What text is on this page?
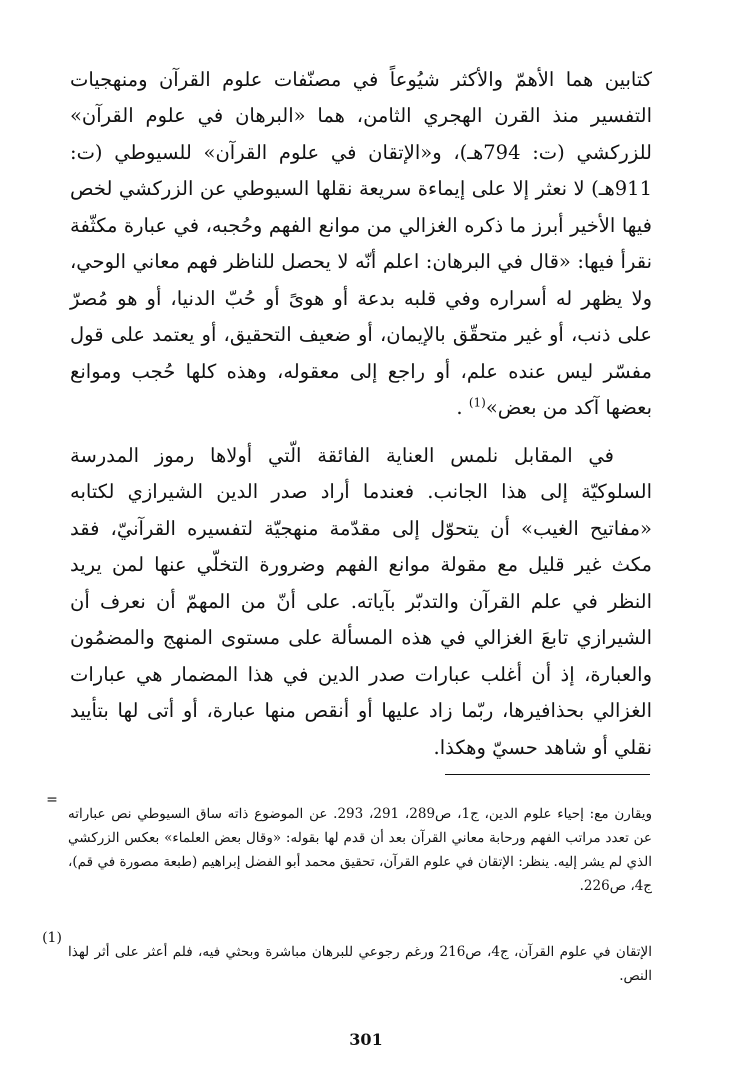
كتابين هما الأهمّ والأكثر شيُوعاً في مصنّفات علوم القرآن ومنهجيات التفسير منذ القرن الهجري الثامن، هما «البرهان في علوم القرآن» للزركشي (ت: 794هـ)، و«الإتقان في علوم القرآن» للسيوطي (ت: 911هـ) لا نعثر إلا على إيماءة سريعة نقلها السيوطي عن الزركشي لخص فيها الأخير أبرز ما ذكره الغزالي من موانع الفهم وحُجبه، في عبارة مكثّفة نقرأ فيها: «قال في البرهان: اعلم أنّه لا يحصل للناظر فهم معاني الوحي، ولا يظهر له أسراره وفي قلبه بدعة أو هوىً أو حُبّ الدنيا، أو هو مُصرّ على ذنب، أو غير متحقّق بالإيمان، أو ضعيف التحقيق، أو يعتمد على قول مفسّر ليس عنده علم، أو راجع إلى معقوله، وهذه كلها حُجب وموانع بعضها آكد من بعض»$^{(1)}$ .

في المقابل نلمس العناية الفائقة الّتي أولاها رموز المدرسة السلوكيّة إلى هذا الجانب. فعندما أراد صدر الدين الشيرازي لكتابه «مفاتيح الغيب» أن يتحوّل إلى مقدّمة منهجيّة لتفسيره القرآنيّ، فقد مكث غير قليل مع مقولة موانع الفهم وضرورة التخلّي عنها لمن يريد النظر في علم القرآن والتدبّر بآياته. على أنّ من المهمّ أن نعرف أن الشيرازي تابعَ الغزالي في هذه المسألة على مستوى المنهج والمضمُون والعبارة، إذ أن أغلب عبارات صدر الدين في هذا المضمار هي عبارات الغزالي بحذافيرها، ربّما زاد عليها أو أنقص منها عبارة، أو أتى لها بتأييد نقلي أو شاهد حسيّ وهكذا.

=

ويقارن مع: إحياء علوم الدين، ج1، ص289، 291، 293. عن الموضوع ذاته ساق السيوطي نص عباراته عن تعدد مراتب الفهم ورحابة معاني القرآن بعد أن قدم لها بقوله: «وقال بعض العلماء» بعكس الزركشي الذي لم يشر إليه. ينظر: الإتقان في علوم القرآن، تحقيق محمد أبو الفضل إبراهيم (طبعة مصورة في قم)، ج4، ص226.

(1)

الإتقان في علوم القرآن، ج4، ص216 ورغم رجوعي للبرهان مباشرة وبحثي فيه، فلم أعثر على أثر لهذا النص.

301
